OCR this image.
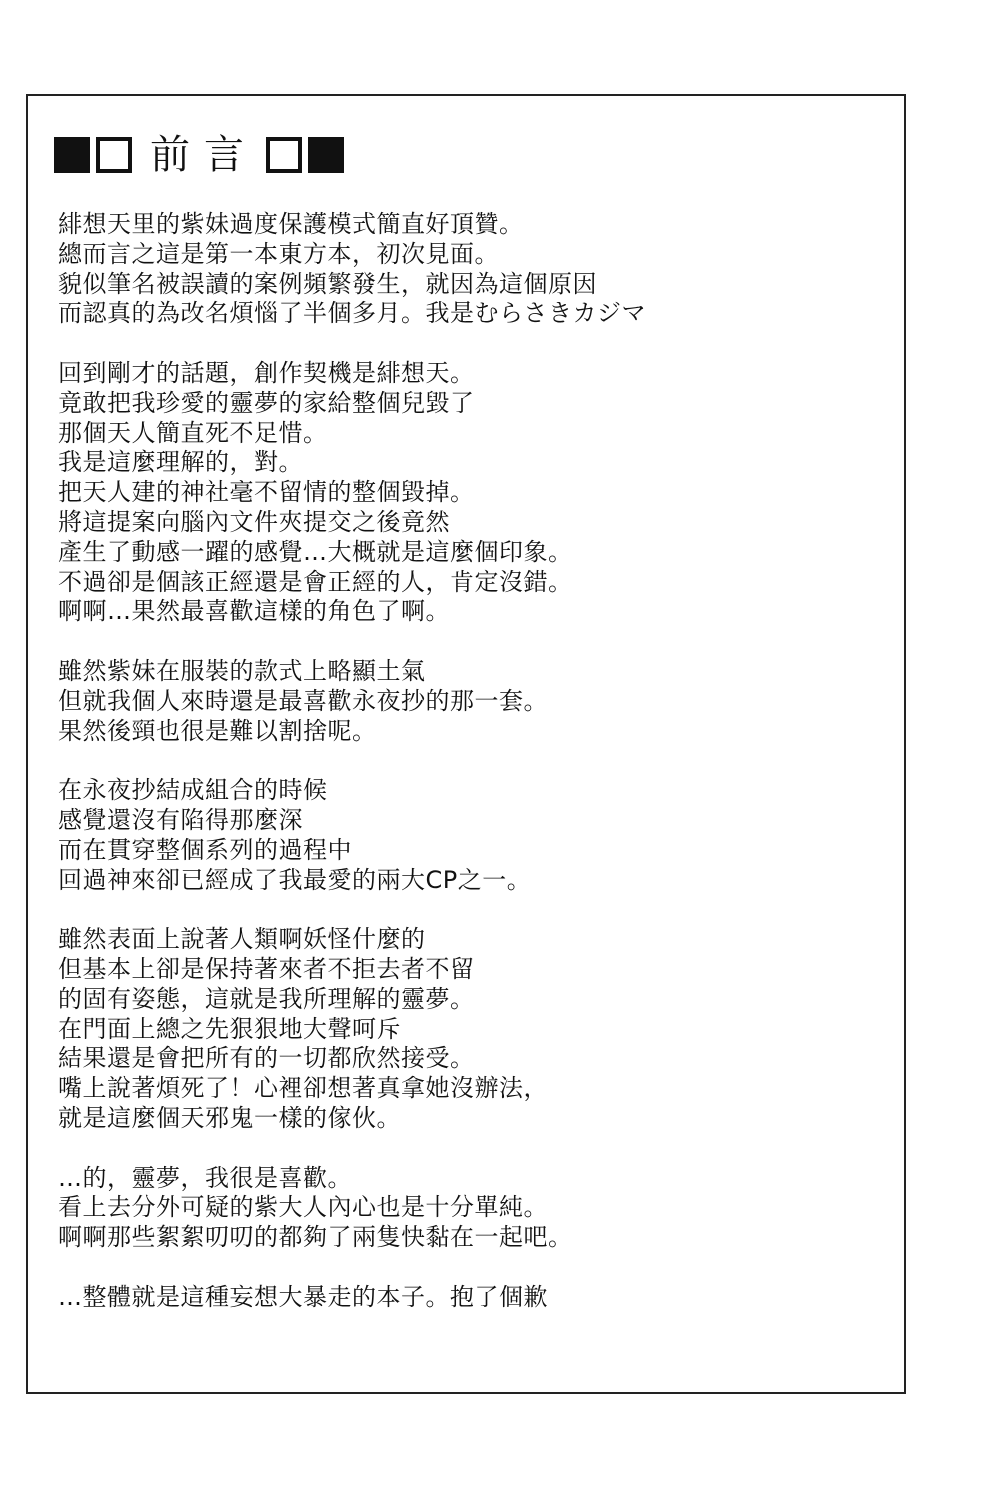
前言
緋想天里的紫妹過度保護模式簡直好頂贊。
總而言之這是第一本東方本，初次見面。
貌似筆名被誤讀的案例頻繁發生，就因為這個原因
而認真的為改名煩惱了半個多月。我是むらさきカジマ
回到剛才的話題，創作契機是緋想天。
竟敢把我珍愛的靈夢的家給整個兒毀了
那個天人簡直死不足惜。
我是這麼理解的，對。
把天人建的神社毫不留情的整個毀掉。
將這提案向腦內文件夾提交之後竟然
產生了動感一躍的感覺…大概就是這麼個印象。
不過卻是個該正經還是會正經的人，肯定沒錯。
啊啊…果然最喜歡這樣的角色了啊。
雖然紫妹在服裝的款式上略顯土氣
但就我個人來時還是最喜歡永夜抄的那一套。
果然後頸也很是難以割捨呢。
在永夜抄結成組合的時候
感覺還沒有陷得那麼深
而在貫穿整個系列的過程中
回過神來卻已經成了我最愛的兩大CP之一。
雖然表面上說著人類啊妖怪什麼的
但基本上卻是保持著來者不拒去者不留
的固有姿態，這就是我所理解的靈夢。
在門面上總之先狠狠地大聲呵斥
結果還是會把所有的一切都欣然接受。
嘴上說著煩死了！心裡卻想著真拿她沒辦法，
就是這麼個天邪鬼一樣的傢伙。
…的，靈夢，我很是喜歡。
看上去分外可疑的紫大人內心也是十分單純。
啊啊那些絮絮叨叨的都夠了兩隻快黏在一起吧。
…整體就是這種妄想大暴走的本子。抱了個歉
